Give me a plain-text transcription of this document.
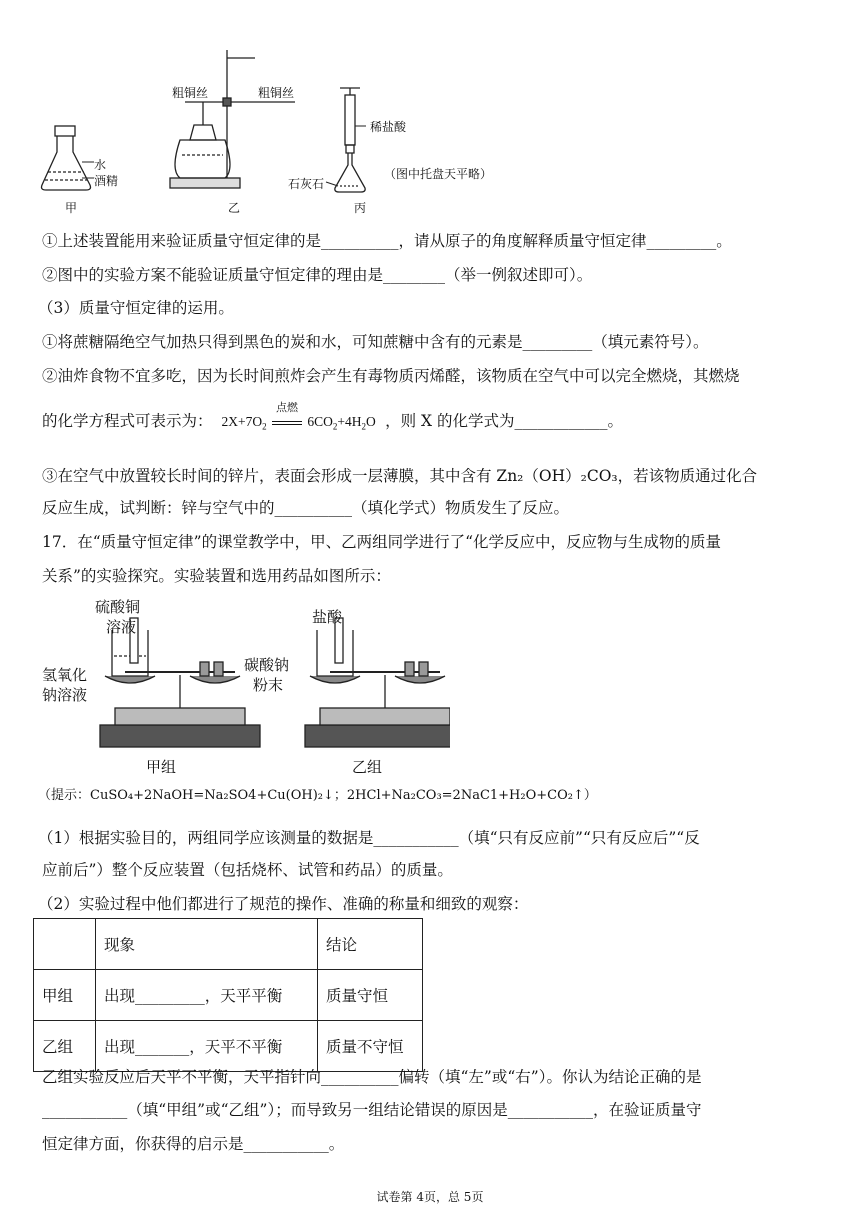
水
酒精
粗铜丝	粗铜丝
稀盐酸
石灰石
（图中托盘天平略）
甲	乙	丙
①上述装置能用来验证质量守恒定律的是__________，请从原子的角度解释质量守恒定律_________。
②图中的实验方案不能验证质量守恒定律的理由是________（举一例叙述即可）。
（3）质量守恒定律的运用。
①将蔗糖隔绝空气加热只得到黑色的炭和水，可知蔗糖中含有的元素是_________（填元素符号）。
②油炸食物不宜多吃，因为长时间煎炸会产生有毒物质丙烯醛，该物质在空气中可以完全燃烧，其燃烧
的化学方程式可表示为： $2X+7O_2$
点燃
$6CO_2+4H_2O$ ，则 X 的化学式为____________。
③在空气中放置较长时间的锌片，表面会形成一层薄膜，其中含有 Zn₂（OH）₂CO₃，若该物质通过化合
反应生成，试判断：锌与空气中的__________（填化学式）物质发生了反应。
17．在“质量守恒定律”的课堂教学中，甲、乙两组同学进行了“化学反应中，反应物与生成物的质量
关系”的实验探究。实验装置和选用药品如图所示：
硫酸铜
溶液
氢氧化
钠溶液
盐酸
碳酸钠
粉末
甲组	乙组
（提示：CuSO₄+2NaOH=Na₂SO4+Cu(OH)₂↓；2HCl+Na₂CO₃=2NaC1+H₂O+CO₂↑）
（1）根据实验目的，两组同学应该测量的数据是___________（填“只有反应前”“只有反应后”“反
应前后”）整个反应装置（包括烧杯、试管和药品）的质量。
（2）实验过程中他们都进行了规范的操作、准确的称量和细致的观察：
	现象	结论
甲组	出现_________，天平平衡	质量守恒
乙组	出现_______，天平不平衡	质量不守恒
乙组实验反应后天平不平衡，天平指针向__________偏转（填“左”或“右”）。你认为结论正确的是
___________（填“甲组”或“乙组”）；而导致另一组结论错误的原因是___________，在验证质量守
恒定律方面，你获得的启示是___________。
试卷第 4页，总 5页
